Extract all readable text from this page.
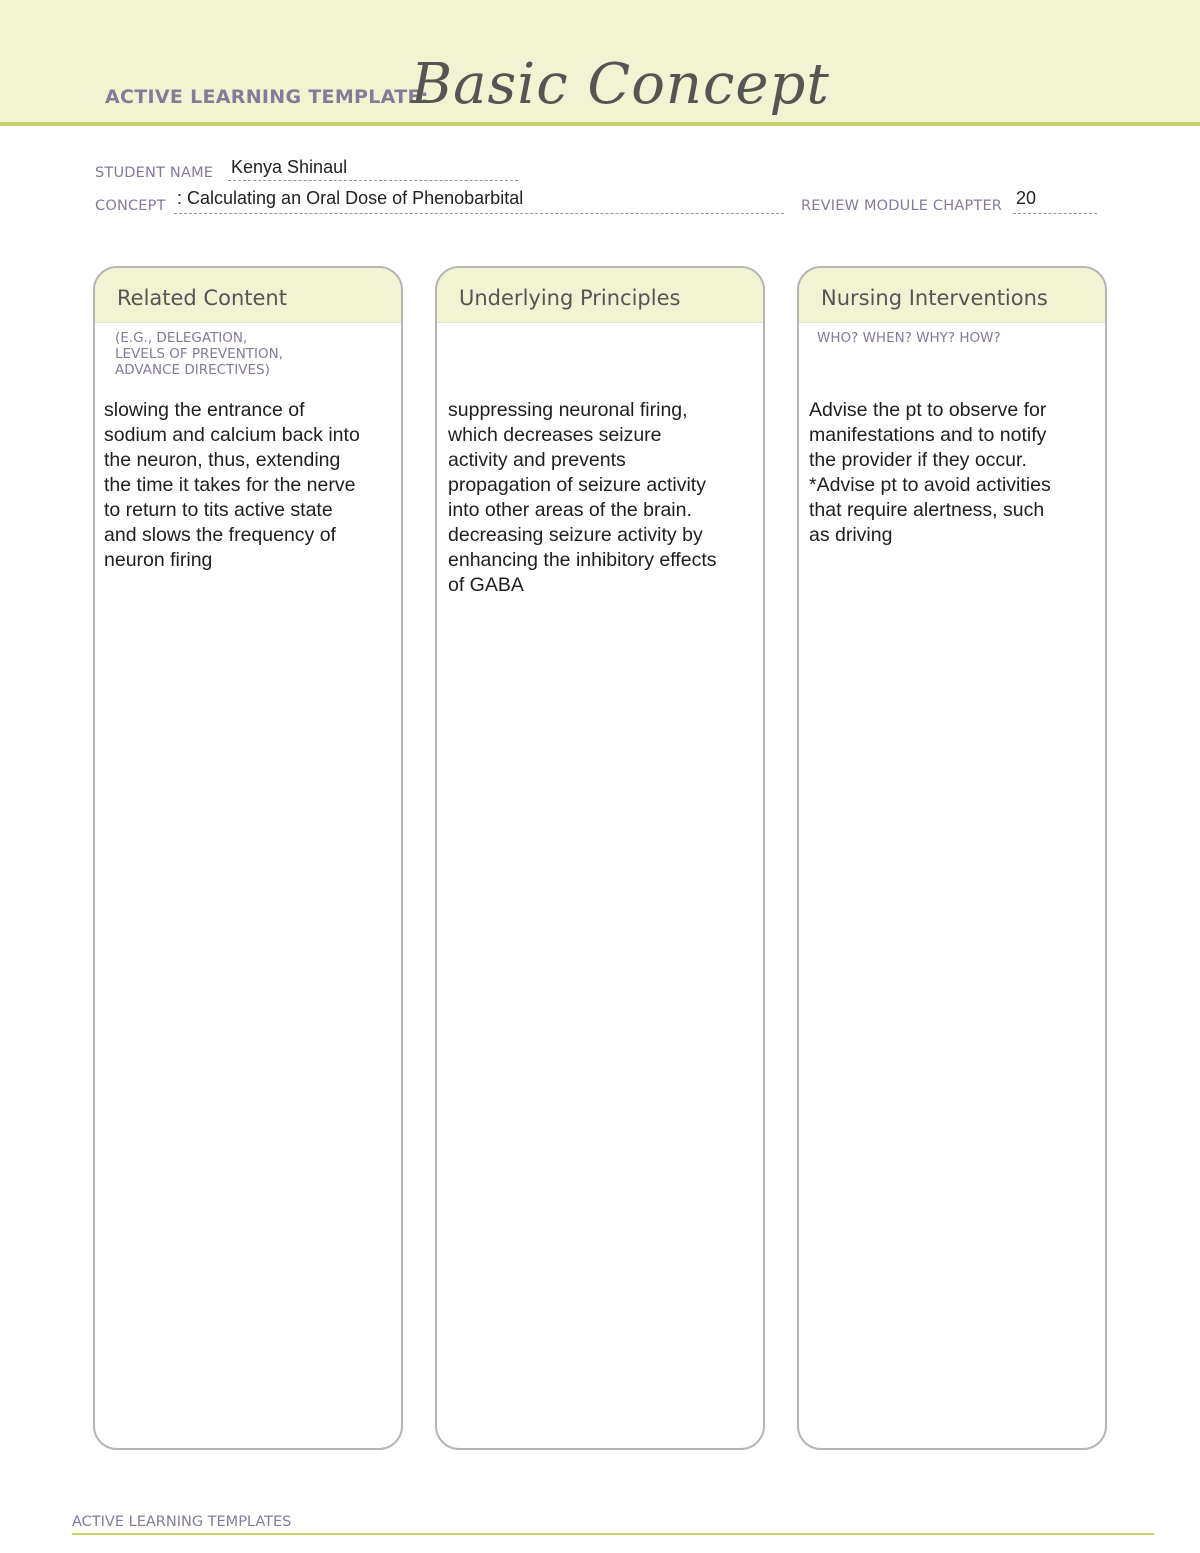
ACTIVE LEARNING TEMPLATE:
Basic Concept
STUDENT NAME Kenya Shinaul
CONCEPT : Calculating an Oral Dose of Phenobarbital	REVIEW MODULE CHAPTER 20
Related Content
(E.G., DELEGATION,
LEVELS OF PREVENTION,
ADVANCE DIRECTIVES)
slowing the entrance of
sodium and calcium back into
the neuron, thus, extending
the time it takes for the nerve
to return to tits active state
and slows the frequency of
neuron firing
Underlying Principles
suppressing neuronal firing,
which decreases seizure
activity and prevents
propagation of seizure activity
into other areas of the brain.
decreasing seizure activity by
enhancing the inhibitory effects
of GABA
Nursing Interventions
WHO? WHEN? WHY? HOW?
Advise the pt to observe for
manifestations and to notify
the provider if they occur.
*Advise pt to avoid activities
that require alertness, such
as driving
ACTIVE LEARNING TEMPLATES
